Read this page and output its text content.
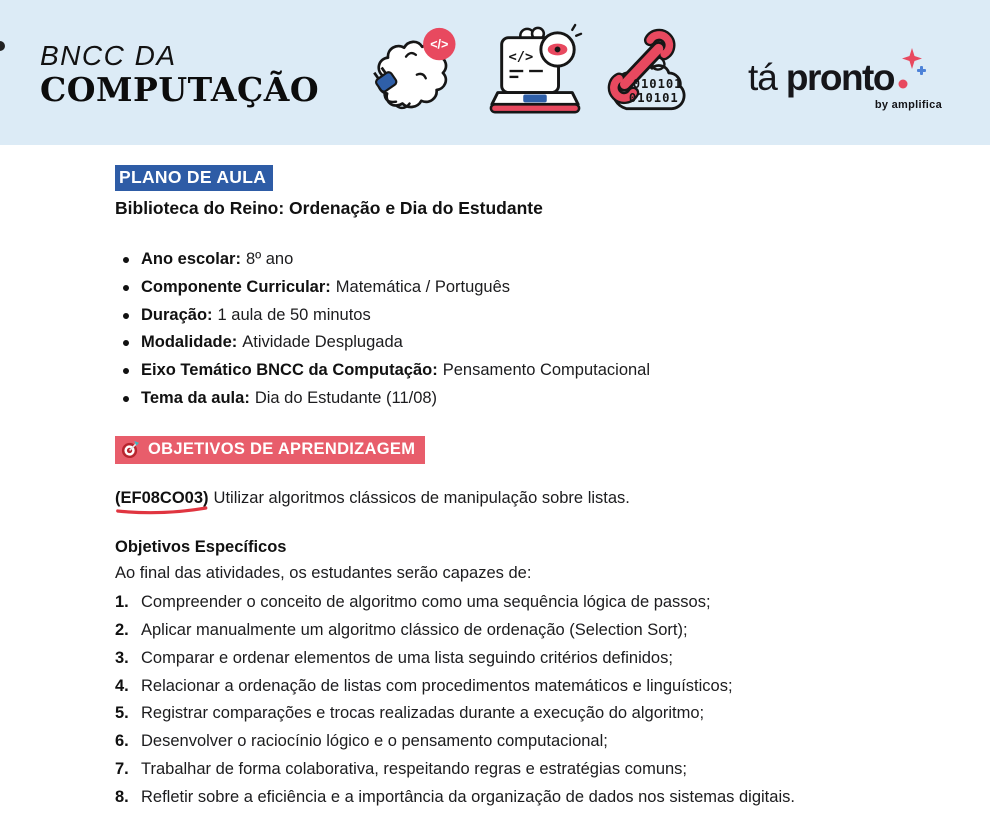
BNCC DA
COMPUTAÇÃO
</>
</>
010101
010101
tá pronto
by amplifica
PLANO DE AULA
Biblioteca do Reino: Ordenação e Dia do Estudante
Ano escolar: 8º ano
Componente Curricular: Matemática / Português
Duração: 1 aula de 50 minutos
Modalidade: Atividade Desplugada
Eixo Temático BNCC da Computação: Pensamento Computacional
Tema da aula: Dia do Estudante (11/08)
OBJETIVOS DE APRENDIZAGEM
(EF08CO03) Utilizar algoritmos clássicos de manipulação sobre listas.
Objetivos Específicos
Ao final das atividades, os estudantes serão capazes de:
1. Compreender o conceito de algoritmo como uma sequência lógica de passos;
2. Aplicar manualmente um algoritmo clássico de ordenação (Selection Sort);
3. Comparar e ordenar elementos de uma lista seguindo critérios definidos;
4. Relacionar a ordenação de listas com procedimentos matemáticos e linguísticos;
5. Registrar comparações e trocas realizadas durante a execução do algoritmo;
6. Desenvolver o raciocínio lógico e o pensamento computacional;
7. Trabalhar de forma colaborativa, respeitando regras e estratégias comuns;
8. Refletir sobre a eficiência e a importância da organização de dados nos sistemas digitais.
